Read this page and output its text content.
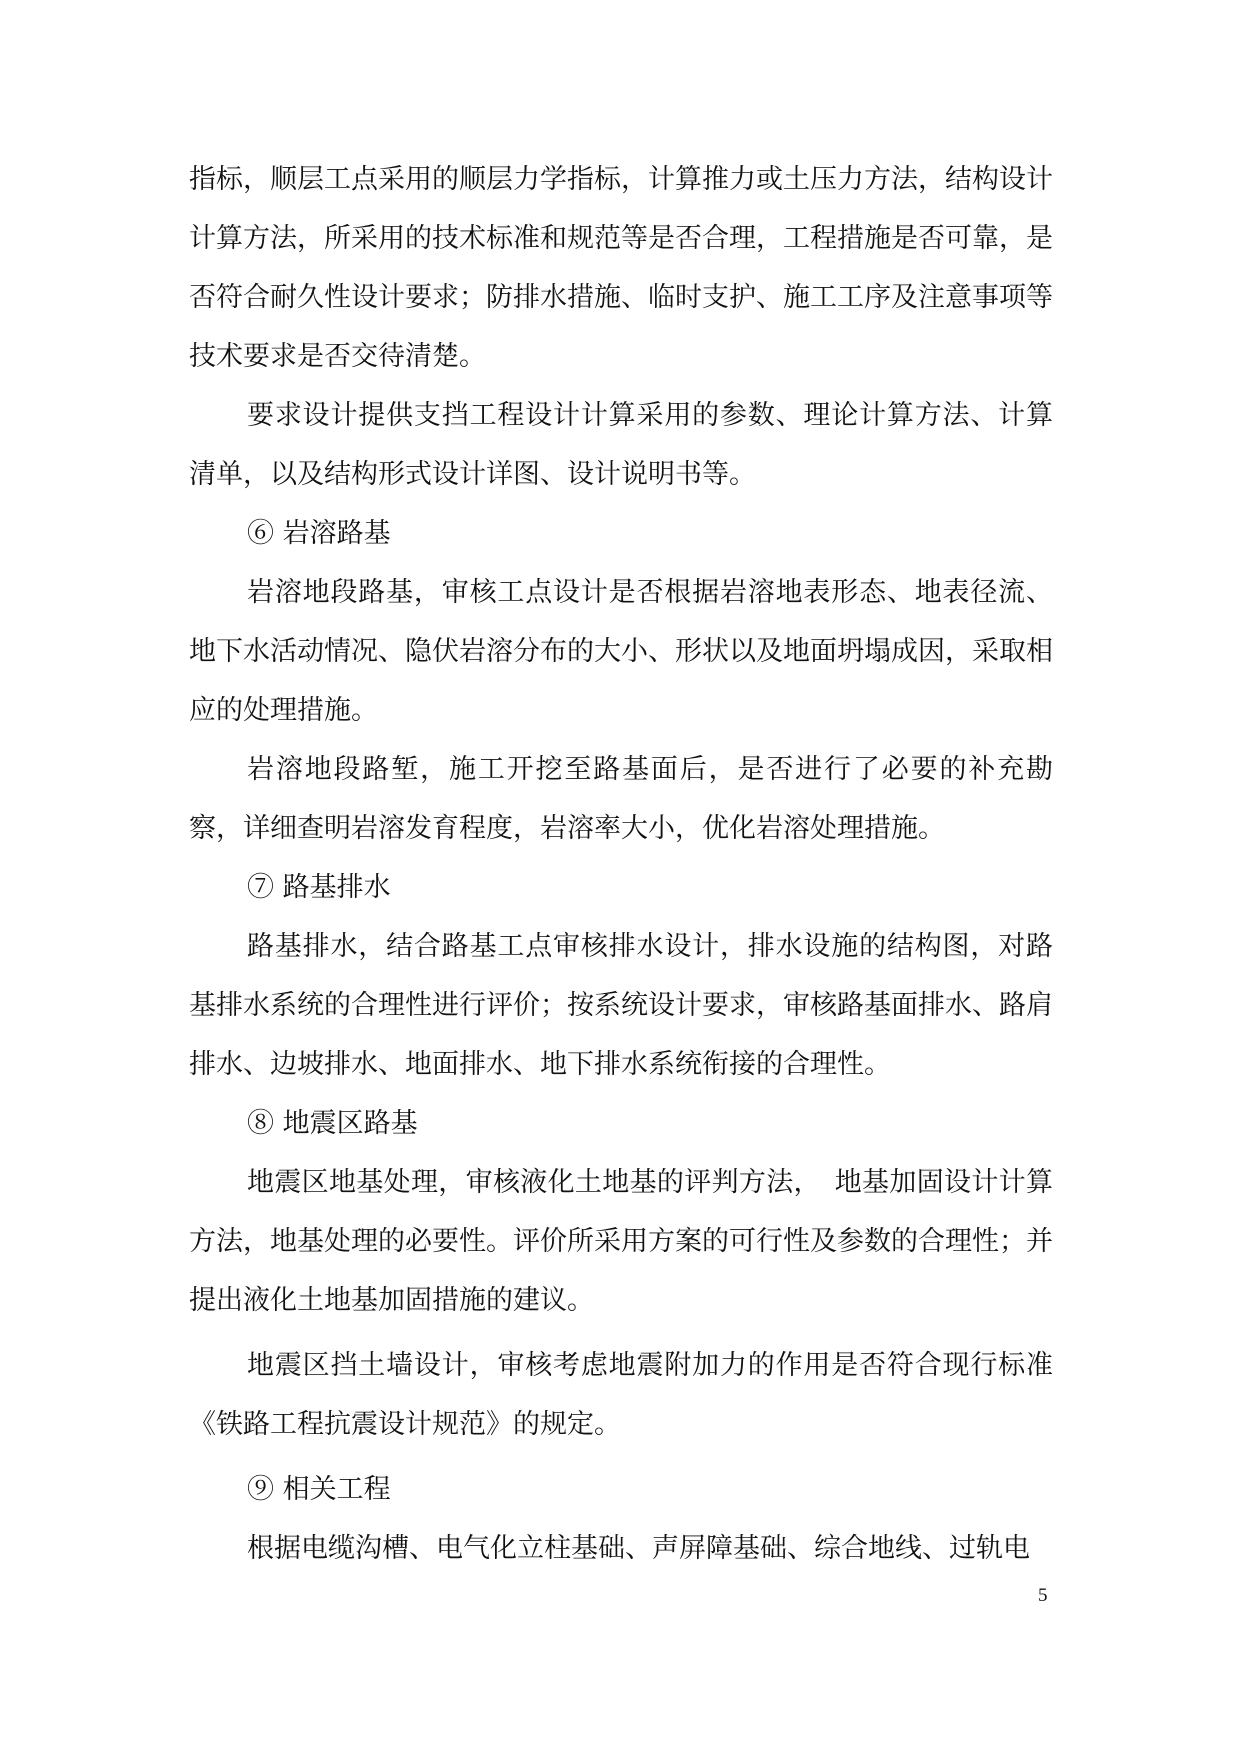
指标，顺层工点采用的顺层力学指标，计算推力或土压力方法，结构设计计算方法，所采用的技术标准和规范等是否合理，工程措施是否可靠，是否符合耐久性设计要求；防排水措施、临时支护、施工工序及注意事项等技术要求是否交待清楚。

要求设计提供支挡工程设计计算采用的参数、理论计算方法、计算清单，以及结构形式设计详图、设计说明书等。

⑥ 岩溶路基

岩溶地段路基，审核工点设计是否根据岩溶地表形态、地表径流、地下水活动情况、隐伏岩溶分布的大小、形状以及地面坍塌成因，采取相应的处理措施。

岩溶地段路堑，施工开挖至路基面后，是否进行了必要的补充勘察，详细查明岩溶发育程度，岩溶率大小，优化岩溶处理措施。

⑦ 路基排水

路基排水，结合路基工点审核排水设计，排水设施的结构图，对路基排水系统的合理性进行评价；按系统设计要求，审核路基面排水、路肩排水、边坡排水、地面排水、地下排水系统衔接的合理性。

⑧ 地震区路基

地震区地基处理，审核液化土地基的评判方法，　地基加固设计计算方法，地基处理的必要性。评价所采用方案的可行性及参数的合理性；并提出液化土地基加固措施的建议。

地震区挡土墙设计，审核考虑地震附加力的作用是否符合现行标准《铁路工程抗震设计规范》的规定。

⑨ 相关工程

根据电缆沟槽、电气化立柱基础、声屏障基础、综合地线、过轨电

5
